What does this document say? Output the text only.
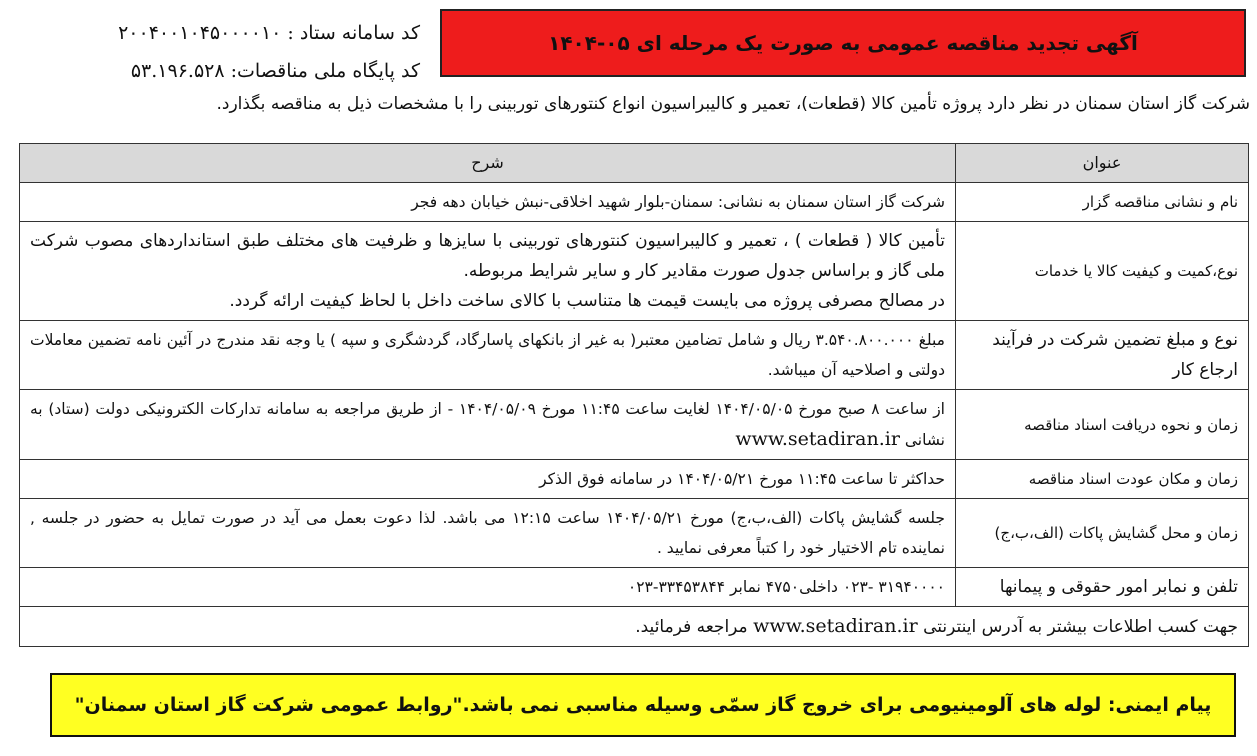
کد سامانه ستاد : ۲۰۰۴۰۰۱۰۴۵۰۰۰۰۱۰
کد پایگاه ملی مناقصات: ۵۳.۱۹۶.۵۲۸
آگهی تجدید مناقصه عمومی به صورت یک مرحله ای ۰۵-۱۴۰۴
شرکت گاز استان سمنان در نظر دارد پروژه تأمین کالا (قطعات)، تعمیر و کالیبراسیون انواع کنتورهای توربینی را با مشخصات ذیل به مناقصه بگذارد.
عنوان	شرح
نام و نشانی مناقصه گزار	شرکت گاز استان سمنان به نشانی: سمنان-بلوار شهید اخلاقی-نبش خیابان دهه فجر
نوع،کمیت و کیفیت کالا یا خدمات	تأمین کالا ( قطعات ) ، تعمیر و کالیبراسیون کنتورهای توربینی با سایزها و ظرفیت های مختلف طبق استانداردهای مصوب شرکت ملی گاز و براساس جدول صورت مقادیر کار و سایر شرایط مربوطه.
در مصالح مصرفی پروژه می بایست قیمت ها متناسب با کالای ساخت داخل با لحاظ کیفیت ارائه گردد.

نوع و مبلغ تضمین شرکت در فرآیند ارجاع کار	مبلغ ۳.۵۴۰.۸۰۰.۰۰۰ ریال و شامل تضامین معتبر( به غیر از بانکهای پاسارگاد، گردشگری و سپه ) یا وجه نقد مندرج در آئین نامه تضمین معاملات دولتی و اصلاحیه آن میباشد.
زمان و نحوه دریافت اسناد مناقصه	از ساعت ۸ صبح مورخ ۱۴۰۴/۰۵/۰۵ لغایت ساعت ۱۱:۴۵ مورخ ۱۴۰۴/۰۵/۰۹ - از طریق مراجعه به سامانه تدارکات الکترونیکی دولت (ستاد) به نشانی www.setadiran.ir
زمان و مکان عودت اسناد مناقصه	حداکثر تا ساعت ۱۱:۴۵ مورخ ۱۴۰۴/۰۵/۲۱ در سامانه فوق الذکر
زمان و محل گشایش پاکات (الف،ب،ج)	جلسه گشایش پاکات (الف،ب،ج) مورخ ۱۴۰۴/۰۵/۲۱ ساعت ۱۲:۱۵ می باشد. لذا دعوت بعمل می آید در صورت تمایل به حضور در جلسه , نماینده تام الاختیار خود را کتباً معرفی نمایید .
تلفن و نمابر امور حقوقی و پیمانها	۳۱۹۴۰۰۰۰ -۰۲۳ داخلی۴۷۵۰ نمابر ۳۳۴۵۳۸۴۴-۰۲۳
جهت کسب اطلاعات بیشتر به آدرس اینترنتی www.setadiran.ir مراجعه فرمائید.	
پیام ایمنی: لوله های آلومینیومی برای خروج گاز سمّی وسیله مناسبی نمی باشد."روابط عمومی شرکت گاز استان سمنان"
